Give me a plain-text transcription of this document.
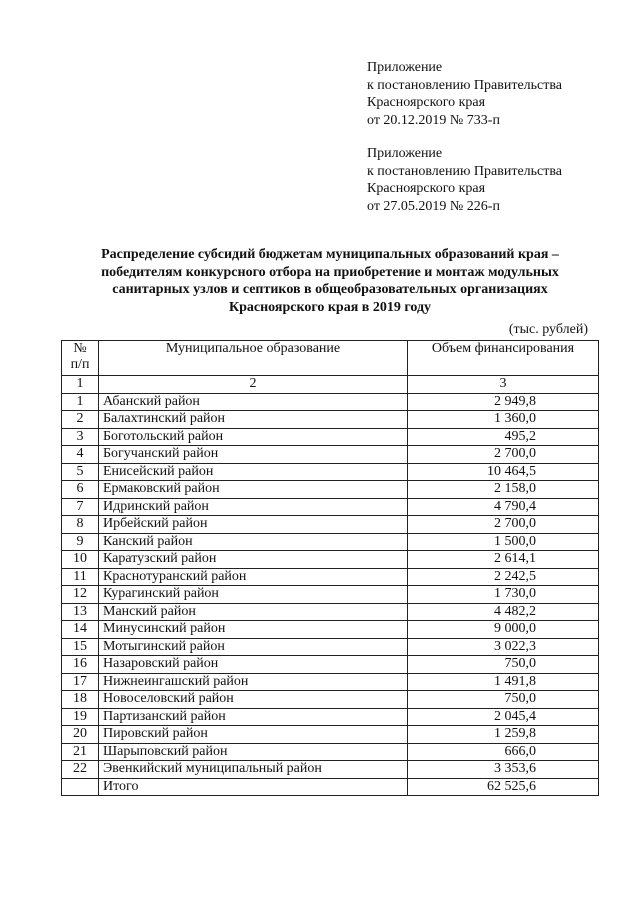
Приложение
к постановлению Правительства
Красноярского края
от 20.12.2019 № 733-п
Приложение
к постановлению Правительства
Красноярского края
от 27.05.2019 № 226-п
Распределение субсидий бюджетам муниципальных образований края –
победителям конкурсного отбора на приобретение и монтаж модульных
санитарных узлов и септиков в общеобразовательных организациях
Красноярского края в 2019 году
(тыс. рублей)
№ п/п	Муниципальное образование	Объем финансирования
1	2	3
1	Абанский район	2 949,8
2	Балахтинский район	1 360,0
3	Боготольский район	495,2
4	Богучанский район	2 700,0
5	Енисейский район	10 464,5
6	Ермаковский район	2 158,0
7	Идринский район	4 790,4
8	Ирбейский район	2 700,0
9	Канский район	1 500,0
10	Каратузский район	2 614,1
11	Краснотуранский район	2 242,5
12	Курагинский район	1 730,0
13	Манский район	4 482,2
14	Минусинский район	9 000,0
15	Мотыгинский район	3 022,3
16	Назаровский район	750,0
17	Нижнеингашский район	1 491,8
18	Новоселовский район	750,0
19	Партизанский район	2 045,4
20	Пировский район	1 259,8
21	Шарыповский район	666,0
22	Эвенкийский муниципальный район	3 353,6
	Итого	62 525,6
